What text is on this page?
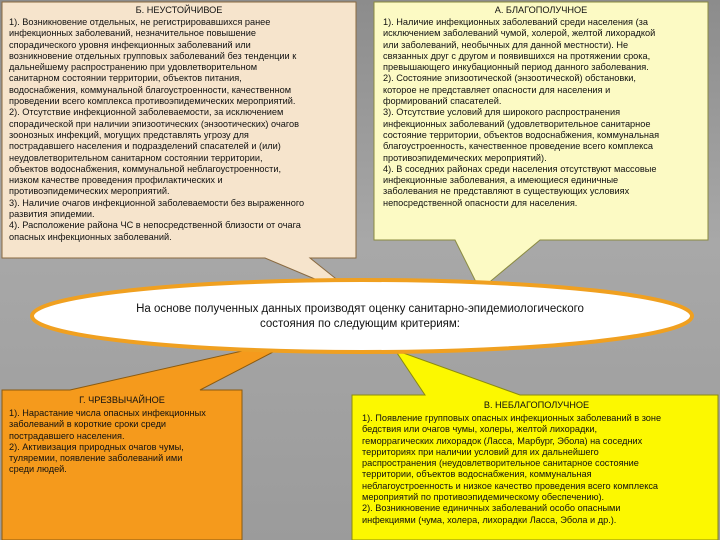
Б. НЕУСТОЙЧИВОЕ

1). Возникновение отдельных, не регистрировавшихся ранее

инфекционных заболеваний, незначительное повышение

спорадического уровня инфекционных заболеваний или

возникновение отдельных групповых заболеваний без тенденции к

дальнейшему распространению при удовлетворительном

санитарном состоянии территории, объектов питания,

водоснабжения, коммунальной благоустроенности, качественном

проведении всего комплекса противоэпидемических мероприятий.

2). Отсутствие инфекционной заболеваемости, за исключением

спорадической при наличии эпизоотических (энзоотических) очагов

зоонозных инфекций, могущих представлять угрозу для

пострадавшего населения и подразделений спасателей и (или)

неудовлетворительном санитарном состоянии территории,

объектов водоснабжения, коммунальной неблагоустроенности,

низком качестве проведения профилактических и

противоэпидемических мероприятий.

3). Наличие очагов инфекционной заболеваемости без выраженного

развития эпидемии.

4). Расположение района ЧС в непосредственной близости от очага

опасных инфекционных заболеваний.

А. БЛАГОПОЛУЧНОЕ

1). Наличие инфекционных заболеваний среди населения (за

исключением заболеваний чумой, холерой, желтой лихорадкой

или заболеваний, необычных для данной местности). Не

связанных друг с другом и появившихся на протяжении срока,

превышающего инкубационный период данного заболевания.

2). Состояние эпизоотической (энзоотической) обстановки,

которое не представляет опасности для населения и

формирований спасателей.

3). Отсутствие условий для широкого распространения

инфекционных заболеваний (удовлетворительное санитарное

состояние территории, объектов водоснабжения, коммунальная

благоустроенность, качественное проведение всего комплекса

противоэпидемических мероприятий).

4). В соседних районах среди населения отсутствуют массовые

инфекционные заболевания, а имеющиеся единичные

заболевания не представляют в существующих условиях

непосредственной опасности для населения.

На основе полученных данных производят оценку санитарно-эпидемиологического

состояния по следующим критериям:

Г. ЧРЕЗВЫЧАЙНОЕ

1). Нарастание числа опасных инфекционных

заболеваний в короткие сроки среди

пострадавшего населения.

2). Активизация природных очагов чумы,

туляремии, появление заболеваний ими

среди людей.

В. НЕБЛАГОПОЛУЧНОЕ

1). Появление групповых опасных инфекционных заболеваний в зоне

бедствия или очагов чумы, холеры, желтой лихорадки,

геморрагических лихорадок (Ласса, Марбург, Эбола) на соседних

территориях при наличии условий для их дальнейшего

распространения (неудовлетворительное санитарное состояние

территории, объектов водоснабжения, коммунальная

неблагоустроенность и низкое качество проведения всего комплекса

мероприятий по противоэпидемическому обеспечению).

2). Возникновение единичных заболеваний особо опасными

инфекциями (чума, холера, лихорадки Ласса, Эбола и др.).
